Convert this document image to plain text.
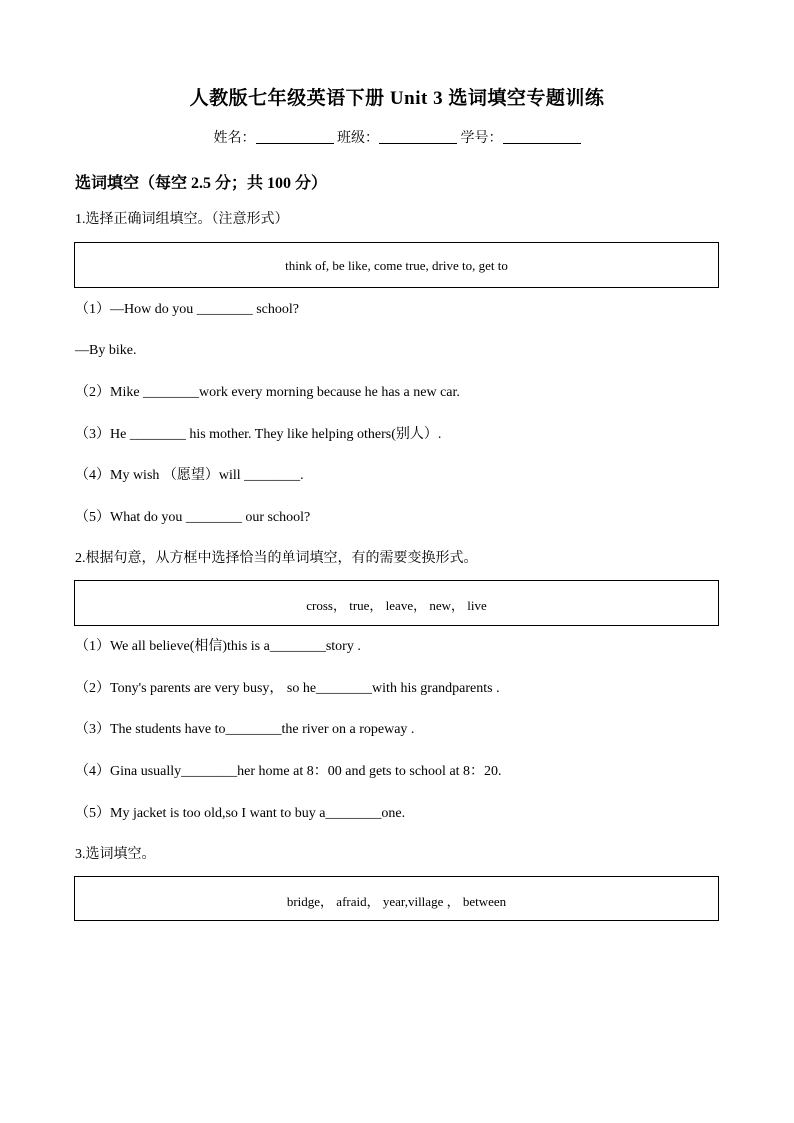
人教版七年级英语下册 Unit 3 选词填空专题训练
姓名：	班级：	学号：
选词填空（每空 2.5 分；共 100 分）
1.选择正确词组填空。（注意形式）
think of, be like, come true, drive to, get to
（1）—How do you ________ school?
—By bike.
（2）Mike ________work every morning because he has a new car.
（3）He ________ his mother. They like helping others(别人）.
（4）My wish （愿望）will ________.
（5）What do you ________ our school?
2.根据句意，从方框中选择恰当的单词填空，有的需要变换形式。
cross， true， leave， new， live
（1）We all believe(相信)this is a________story .
（2）Tony's parents are very busy， so he________with his grandparents .
（3）The students have to________the river on a ropeway .
（4）Gina usually________her home at 8：00 and gets to school at 8：20.
（5）My jacket is too old,so I want to buy a________one.
3.选词填空。
bridge， afraid， year,village ， between
